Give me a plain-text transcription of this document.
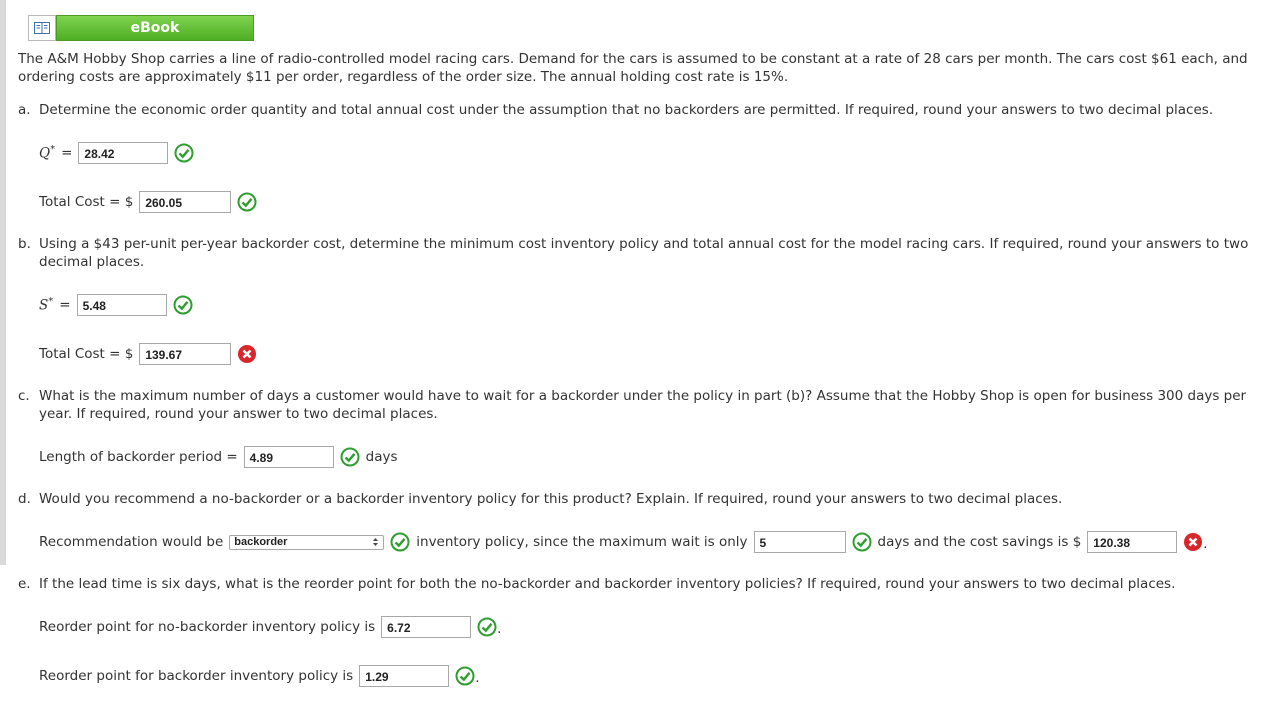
eBook
The A&M Hobby Shop carries a line of radio-controlled model racing cars. Demand for the cars is assumed to be constant at a rate of 28 cars per month. The cars cost $61 each, and ordering costs are approximately $11 per order, regardless of the order size. The annual holding cost rate is 15%.
a. Determine the economic order quantity and total annual cost under the assumption that no backorders are permitted. If required, round your answers to two decimal places.
Q* =	28.42
Total Cost = $	260.05
b. Using a $43 per-unit per-year backorder cost, determine the minimum cost inventory policy and total annual cost for the model racing cars. If required, round your answers to two decimal places.
S* =	5.48
Total Cost = $	139.67
c. What is the maximum number of days a customer would have to wait for a backorder under the policy in part (b)? Assume that the Hobby Shop is open for business 300 days per year. If required, round your answer to two decimal places.
Length of backorder period =	4.89	days
d. Would you recommend a no-backorder or a backorder inventory policy for this product? Explain. If required, round your answers to two decimal places.
Recommendation would be backorder	inventory policy, since the maximum wait is only	5	days and the cost savings is $	120.38	.
e. If the lead time is six days, what is the reorder point for both the no-backorder and backorder inventory policies? If required, round your answers to two decimal places.
Reorder point for no-backorder inventory policy is	6.72	.
Reorder point for backorder inventory policy is	1.29	.
